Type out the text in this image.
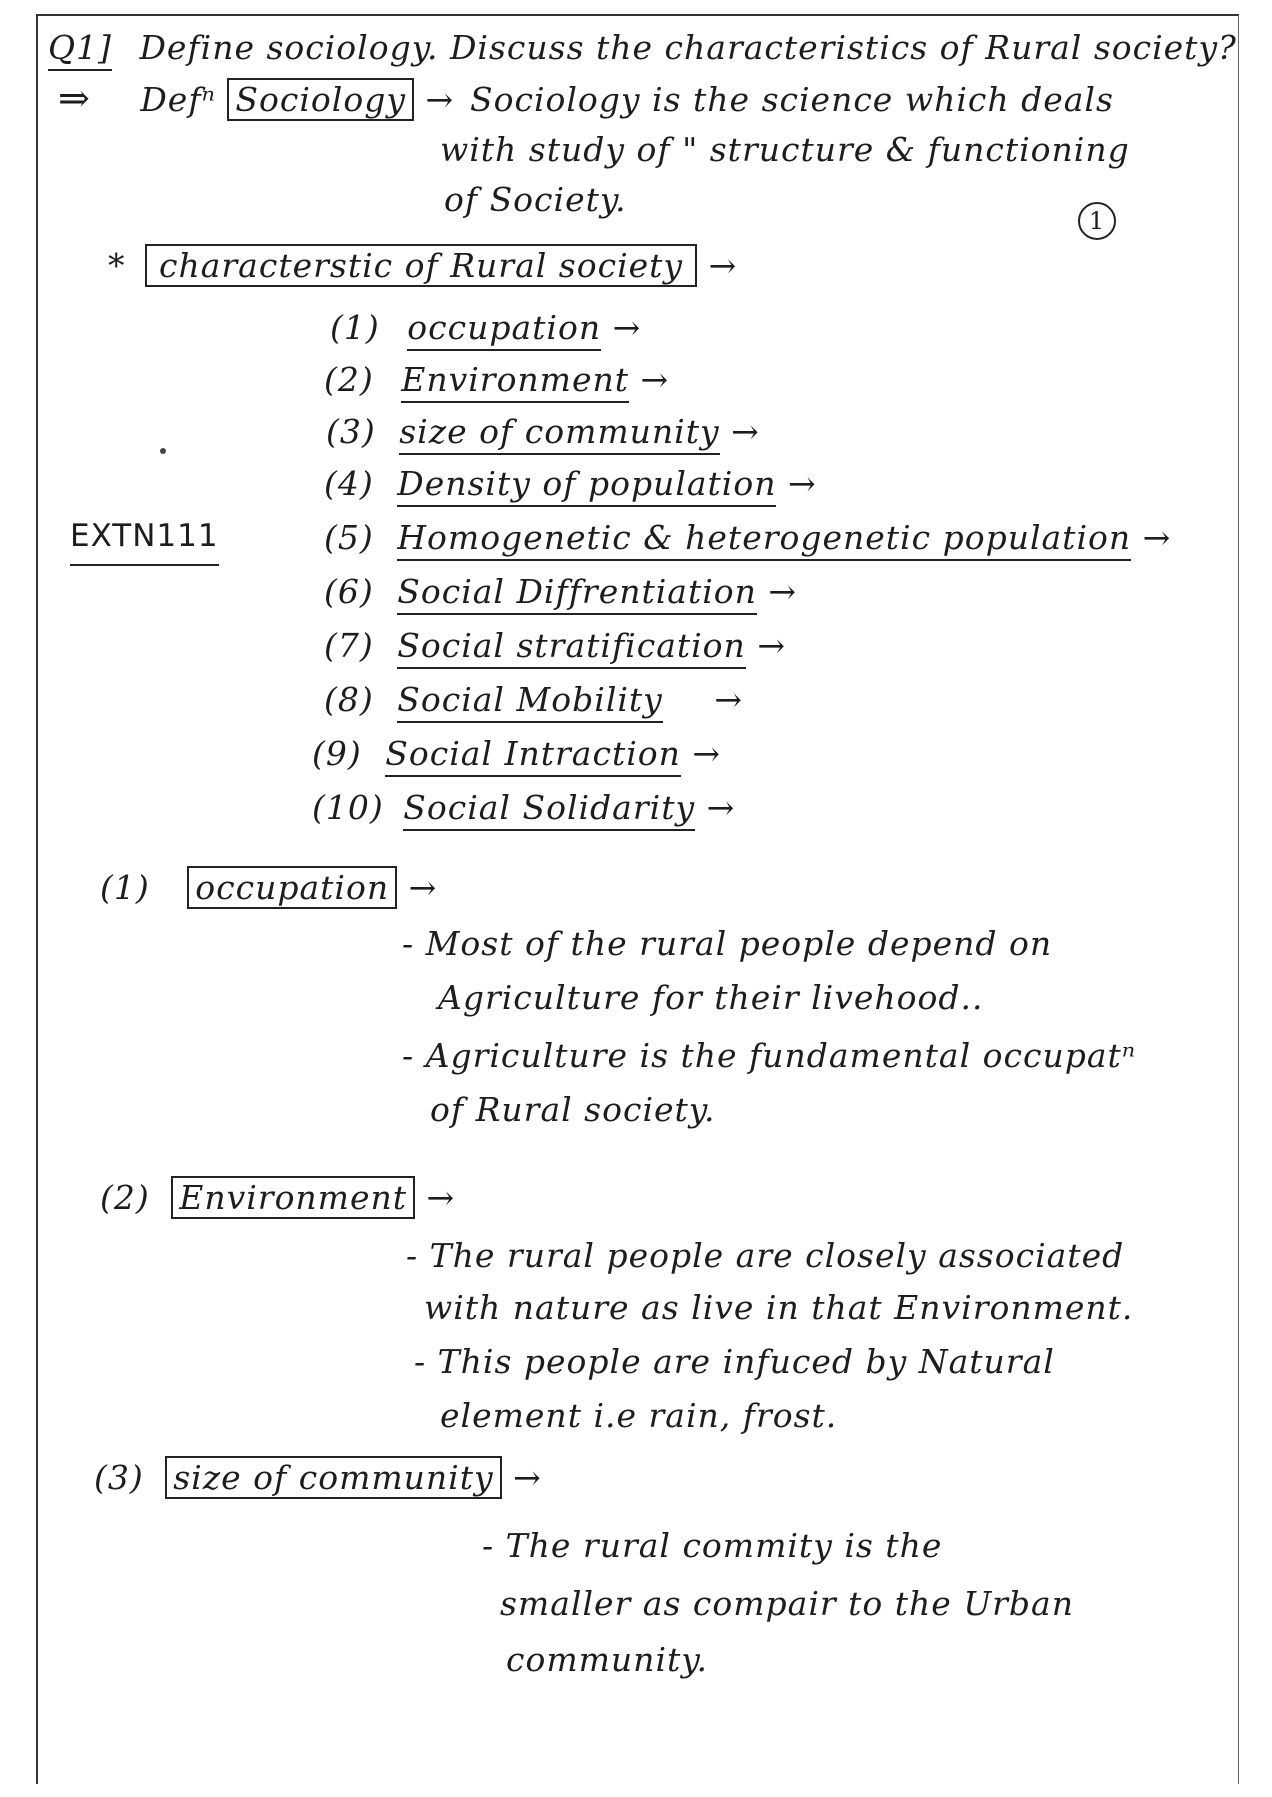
Q1] Define sociology. Discuss the characteristics of Rural society?
⇒ Defⁿ Sociology → Sociology is the science which deals
with study of " structure & functioning
of Society.
1
* characterstic of Rural society →
EXTN111
(1) occupation →
(2) Environment →
(3) size of community →
(4) Density of population →
(5) Homogenetic & heterogenetic population →
(6) Social Diffrentiation →
(7) Social stratification →
(8) Social Mobility →
(9) Social Intraction →
(10) Social Solidarity →
(1) occupation →
- Most of the rural people depend on
Agriculture for their livehood..
- Agriculture is the fundamental occupatⁿ
of Rural society.
(2) Environment →
- The rural people are closely associated
with nature as live in that Environment.
- This people are infuced by Natural
element i.e rain, frost.
(3) size of community →
- The rural commity is the
smaller as compair to the Urban
community.
